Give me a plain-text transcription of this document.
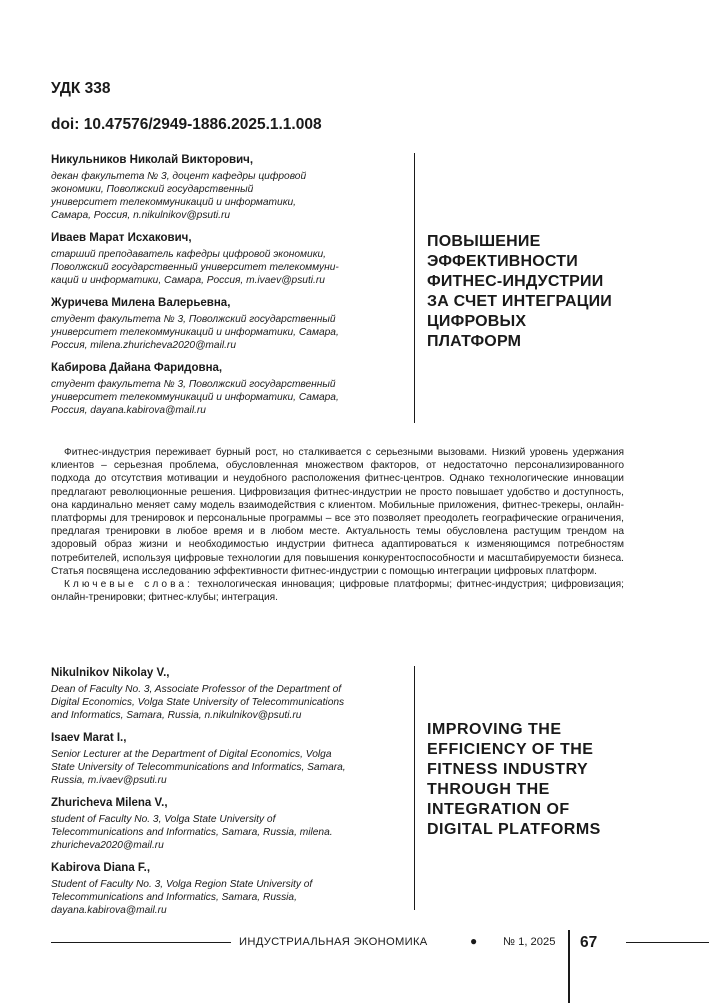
УДК 338
doi: 10.47576/2949-1886.2025.1.1.008
Никульников Николай Викторович,
декан факультета № 3, доцент кафедры цифровой
экономики, Поволжский государственный
университет телекоммуникаций и информатики,
Самара, Россия, n.nikulnikov@psuti.ru
Иваев Марат Исхакович,
старший преподаватель кафедры цифровой экономики,
Поволжский государственный университет телекоммуни-
каций и информатики, Самара, Россия, m.ivaev@psuti.ru
Журичева Милена Валерьевна,
студент факультета № 3, Поволжский государственный
университет телекоммуникаций и информатики, Самара,
Россия, milena.zhuricheva2020@mail.ru
Кабирова Дайана Фаридовна,
студент факультета № 3, Поволжский государственный
университет телекоммуникаций и информатики, Самара,
Россия, dayana.kabirova@mail.ru
ПОВЫШЕНИЕ
ЭФФЕКТИВНОСТИ
ФИТНЕС-ИНДУСТРИИ
ЗА СЧЕТ ИНТЕГРАЦИИ
ЦИФРОВЫХ
ПЛАТФОРМ

Фитнес-индустрия переживает бурный рост, но сталкивается с серьезными вызовами. Низкий уровень удержания клиентов – серьезная проблема, обусловленная множеством факторов, от недостаточно персонализированного подхода до отсутствия мотивации и неудобного расположения фитнес-центров. Однако технологические инновации предлагают революционные решения. Цифровизация фитнес-индустрии не просто повышает удобство и доступность, она кардинально меняет саму модель взаимодействия с клиентом. Мобильные приложения, фитнес-трекеры, онлайн-платформы для тренировок и персональные программы – все это позволяет преодолеть географические ограничения, предлагая тренировки в любое время и в любом месте. Актуальность темы обусловлена растущим трендом на здоровый образ жизни и необходимостью индустрии фитнеса адаптироваться к изменяющимся потребностям потребителей, используя цифровые технологии для повышения конкурентоспособности и масштабируемости бизнеса. Статья посвящена исследованию эффективности фитнес-индустрии с помощью интеграции цифровых платформ.

Ключевые слова: технологическая инновация; цифровые платформы; фитнес-индустрия; цифровизация; онлайн-тренировки; фитнес-клубы; интеграция.

Nikulnikov Nikolay V.,
Dean of Faculty No. 3, Associate Professor of the Department of
Digital Economics, Volga State University of Telecommunications
and Informatics, Samara, Russia, n.nikulnikov@psuti.ru
Isaev Marat I.,
Senior Lecturer at the Department of Digital Economics, Volga
State University of Telecommunications and Informatics, Samara,
Russia, m.ivaev@psuti.ru
Zhuricheva Milena V.,
student of Faculty No. 3, Volga State University of
Telecommunications and Informatics, Samara, Russia, milena.
zhuricheva2020@mail.ru
Kabirova Diana F.,
Student of Faculty No. 3, Volga Region State University of
Telecommunications and Informatics, Samara, Russia,
dayana.kabirova@mail.ru
IMPROVING THE
EFFICIENCY OF THE
FITNESS INDUSTRY
THROUGH THE
INTEGRATION OF
DIGITAL PLATFORMS
ИНДУСТРИАЛЬНАЯ ЭКОНОМИКА	● № 1, 2025 67
